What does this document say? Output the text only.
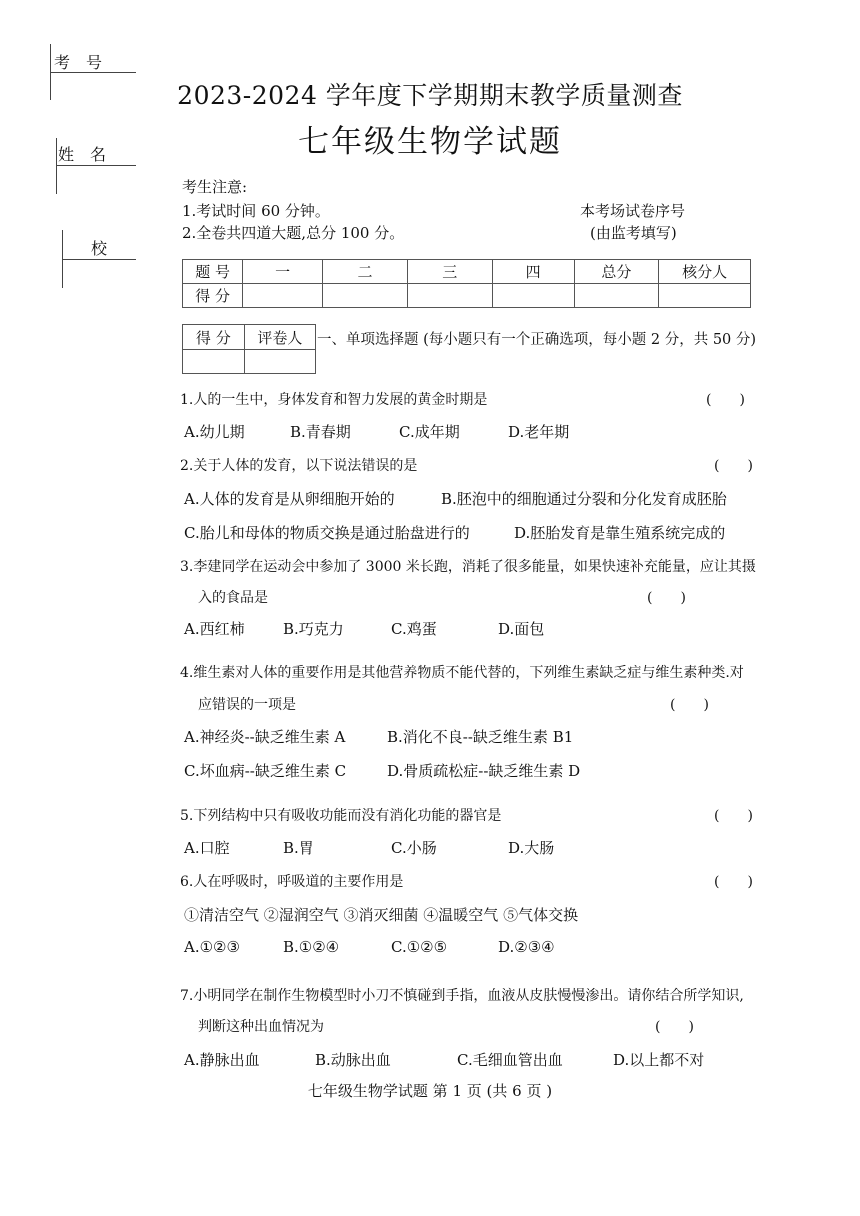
考　号
姓　名
校
2023-2024 学年度下学期期末教学质量测查
七年级生物学试题
考生注意:
1.考试时间 60 分钟。
2.全卷共四道大题,总分 100 分。
本考场试卷序号
(由监考填写)
题 号	一	二	三	四	总分	核分人
得 分						
得 分	评卷人
	一、单项选择题 (每小题只有一个正确选项，每小题 2 分，共 50 分)
1.人的一生中，身体发育和智力发展的黄金时期是	(　　)
A.幼儿期	B.青春期	C.成年期	D.老年期
2.关于人体的发育，以下说法错误的是	(　　)
A.人体的发育是从卵细胞开始的	B.胚泡中的细胞通过分裂和分化发育成胚胎
C.胎儿和母体的物质交换是通过胎盘进行的	D.胚胎发育是靠生殖系统完成的
3.李建同学在运动会中参加了 3000 米长跑，消耗了很多能量，如果快速补充能量，应让其摄
入的食品是	(　　)
A.西红柿	B.巧克力	C.鸡蛋	D.面包
4.维生素对人体的重要作用是其他营养物质不能代替的，下列维生素缺乏症与维生素种类.对
应错误的一项是	(　　)
A.神经炎--缺乏维生素 A	B.消化不良--缺乏维生素 B1
C.坏血病--缺乏维生素 C	D.骨质疏松症--缺乏维生素 D
5.下列结构中只有吸收功能而没有消化功能的器官是	(　　)
A.口腔	B.胃	C.小肠	D.大肠
6.人在呼吸时，呼吸道的主要作用是	(　　)
①清洁空气 ②湿润空气 ③消灭细菌 ④温暖空气 ⑤气体交换
A.①②③	B.①②④	C.①②⑤	D.②③④
7.小明同学在制作生物模型时小刀不慎碰到手指，血液从皮肤慢慢渗出。请你结合所学知识,
判断这种出血情况为	(　　)
A.静脉出血	B.动脉出血	C.毛细血管出血	D.以上都不对
七年级生物学试题 第 1 页 (共 6 页 )
